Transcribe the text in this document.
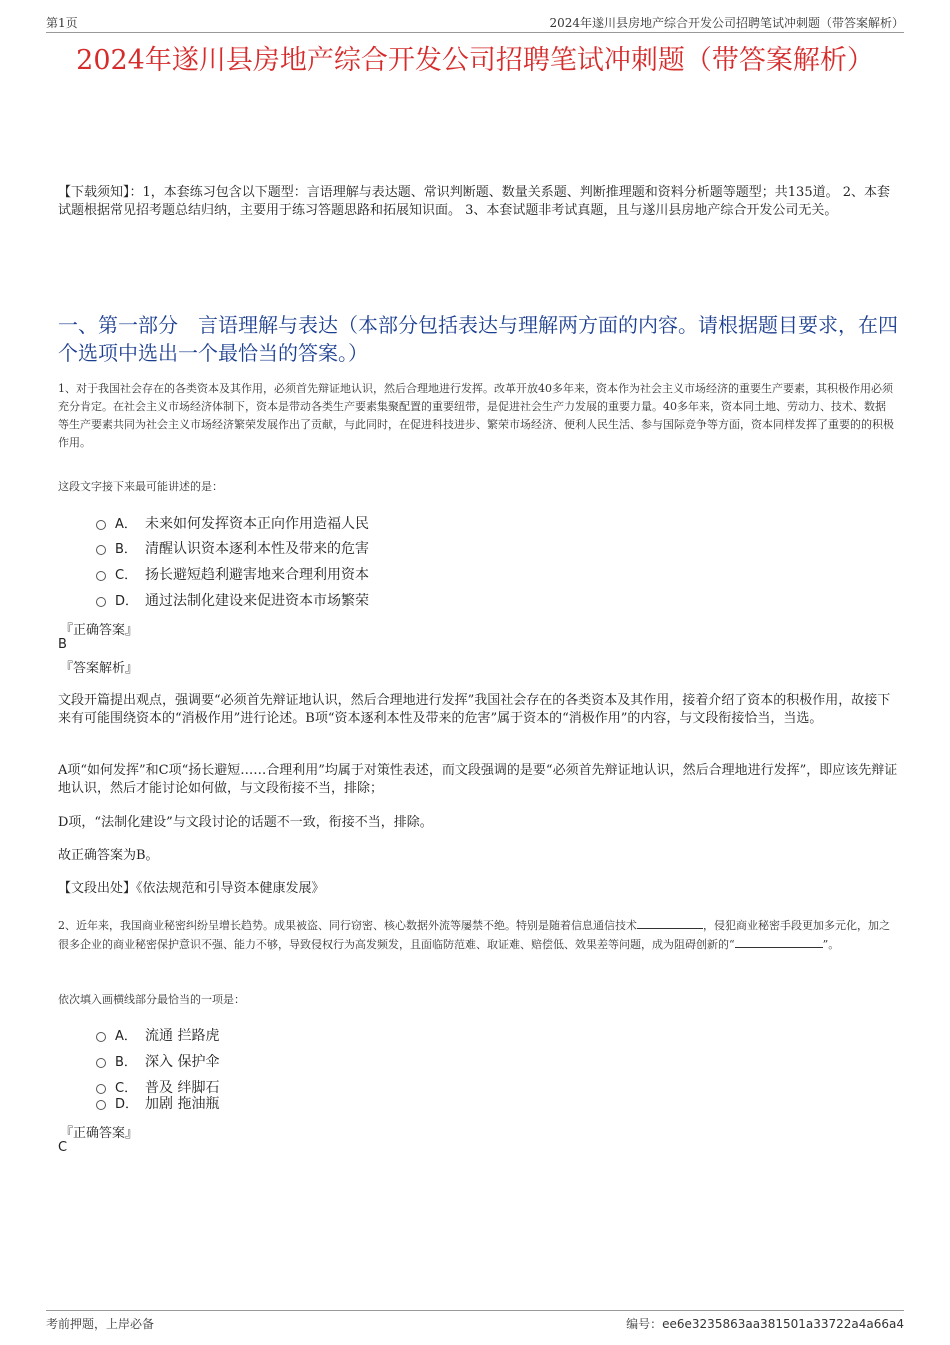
第1页	2024年遂川县房地产综合开发公司招聘笔试冲刺题（带答案解析）
2024年遂川县房地产综合开发公司招聘笔试冲刺题（带答案解析）
【下载须知】：1，本套练习包含以下题型：言语理解与表达题、常识判断题、数量关系题、判断推理题和资料分析题等题型；共135道。 2、本套试题根据常见招考题总结归纳，主要用于练习答题思路和拓展知识面。 3、本套试题非考试真题，且与遂川县房地产综合开发公司无关。
一、第一部分　言语理解与表达（本部分包括表达与理解两方面的内容。请根据题目要求，在四个选项中选出一个最恰当的答案。）
1、对于我国社会存在的各类资本及其作用，必须首先辩证地认识，然后合理地进行发挥。改革开放40多年来，资本作为社会主义市场经济的重要生产要素，其积极作用必须充分肯定。在社会主义市场经济体制下，资本是带动各类生产要素集聚配置的重要纽带，是促进社会生产力发展的重要力量。40多年来，资本同土地、劳动力、技术、数据等生产要素共同为社会主义市场经济繁荣发展作出了贡献，与此同时，在促进科技进步、繁荣市场经济、便利人民生活、参与国际竞争等方面，资本同样发挥了重要的的积极作用。
这段文字接下来最可能讲述的是：
A． 未来如何发挥资本正向作用造福人民
B． 清醒认识资本逐利本性及带来的危害
C． 扬长避短趋利避害地来合理利用资本
D． 通过法制化建设来促进资本市场繁荣
『正确答案』
B
『答案解析』
文段开篇提出观点，强调要“必须首先辩证地认识，然后合理地进行发挥”我国社会存在的各类资本及其作用，接着介绍了资本的积极作用，故接下来有可能围绕资本的“消极作用”进行论述。B项“资本逐利本性及带来的危害”属于资本的“消极作用”的内容，与文段衔接恰当，当选。
A项“如何发挥”和C项“扬长避短……合理利用”均属于对策性表述，而文段强调的是要“必须首先辩证地认识，然后合理地进行发挥”，即应该先辩证地认识，然后才能讨论如何做，与文段衔接不当，排除；
D项，“法制化建设”与文段讨论的话题不一致，衔接不当，排除。
故正确答案为B。
【文段出处】《依法规范和引导资本健康发展》
2、近年来，我国商业秘密纠纷呈增长趋势。成果被盗、同行窃密、核心数据外流等屡禁不绝。特别是随着信息通信技术	，侵犯商业秘密手段更加多元化，加之很多企业的商业秘密保护意识不强、能力不够，导致侵权行为高发频发，且面临防范难、取证难、赔偿低、效果差等问题，成为阻碍创新的“	”。
依次填入画横线部分最恰当的一项是：
A． 流通 拦路虎
B． 深入 保护伞
C． 普及 绊脚石
D． 加剧 拖油瓶
『正确答案』
C
考前押题，上岸必备	编号：ee6e3235863aa381501a33722a4a66a4
